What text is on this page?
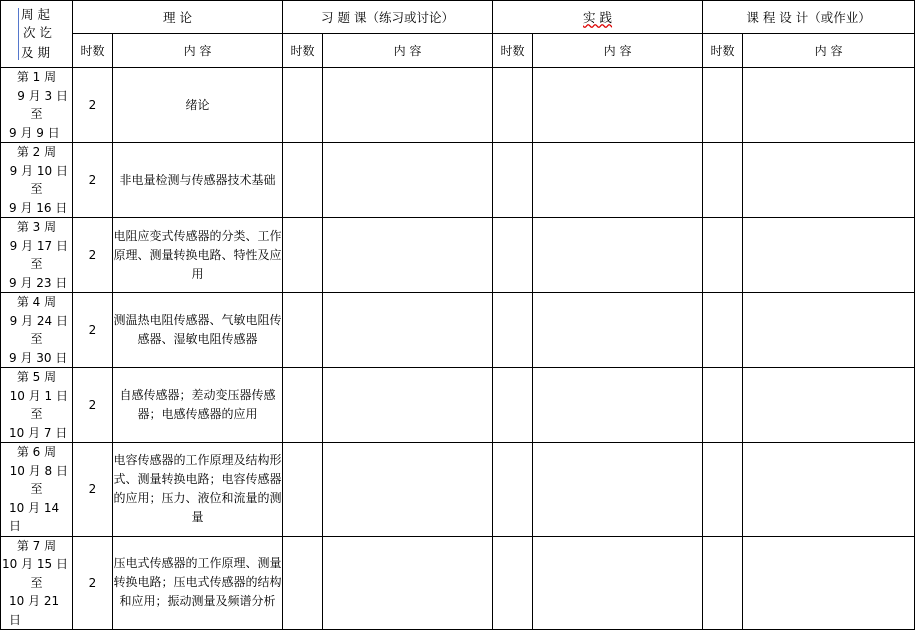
周 起
次 讫
及 期	理 论		习 题 课（练习或讨论）		实 践		课 程 设 计（或作业）	
	时数	内 容	时数	内 容	时数	内 容	时数	内 容

第 1 周
9 月 3 日
至
9 月 9 日	2	绪论						

第 2 周
9 月 10 日
至
9 月 16 日	2	非电量检测与传感器技术基础						

第 3 周
9 月 17 日
至
9 月 23 日	2	电阻应变式传感器的分类、工作原理、测量转换电路、特性及应用						

第 4 周
9 月 24 日
至
9 月 30 日	2	测温热电阻传感器、气敏电阻传感器、湿敏电阻传感器						

第 5 周
10 月 1 日
至
10 月 7 日	2	自感传感器；差动变压器传感器；电感传感器的应用						

第 6 周
10 月 8 日
至
10 月 14 日	2	电容传感器的工作原理及结构形式、测量转换电路；电容传感器的应用；压力、液位和流量的测量						

第 7 周
10 月 15 日
至
10 月 21 日	2	压电式传感器的工作原理、测量转换电路；压电式传感器的结构和应用；振动测量及频谱分析						
